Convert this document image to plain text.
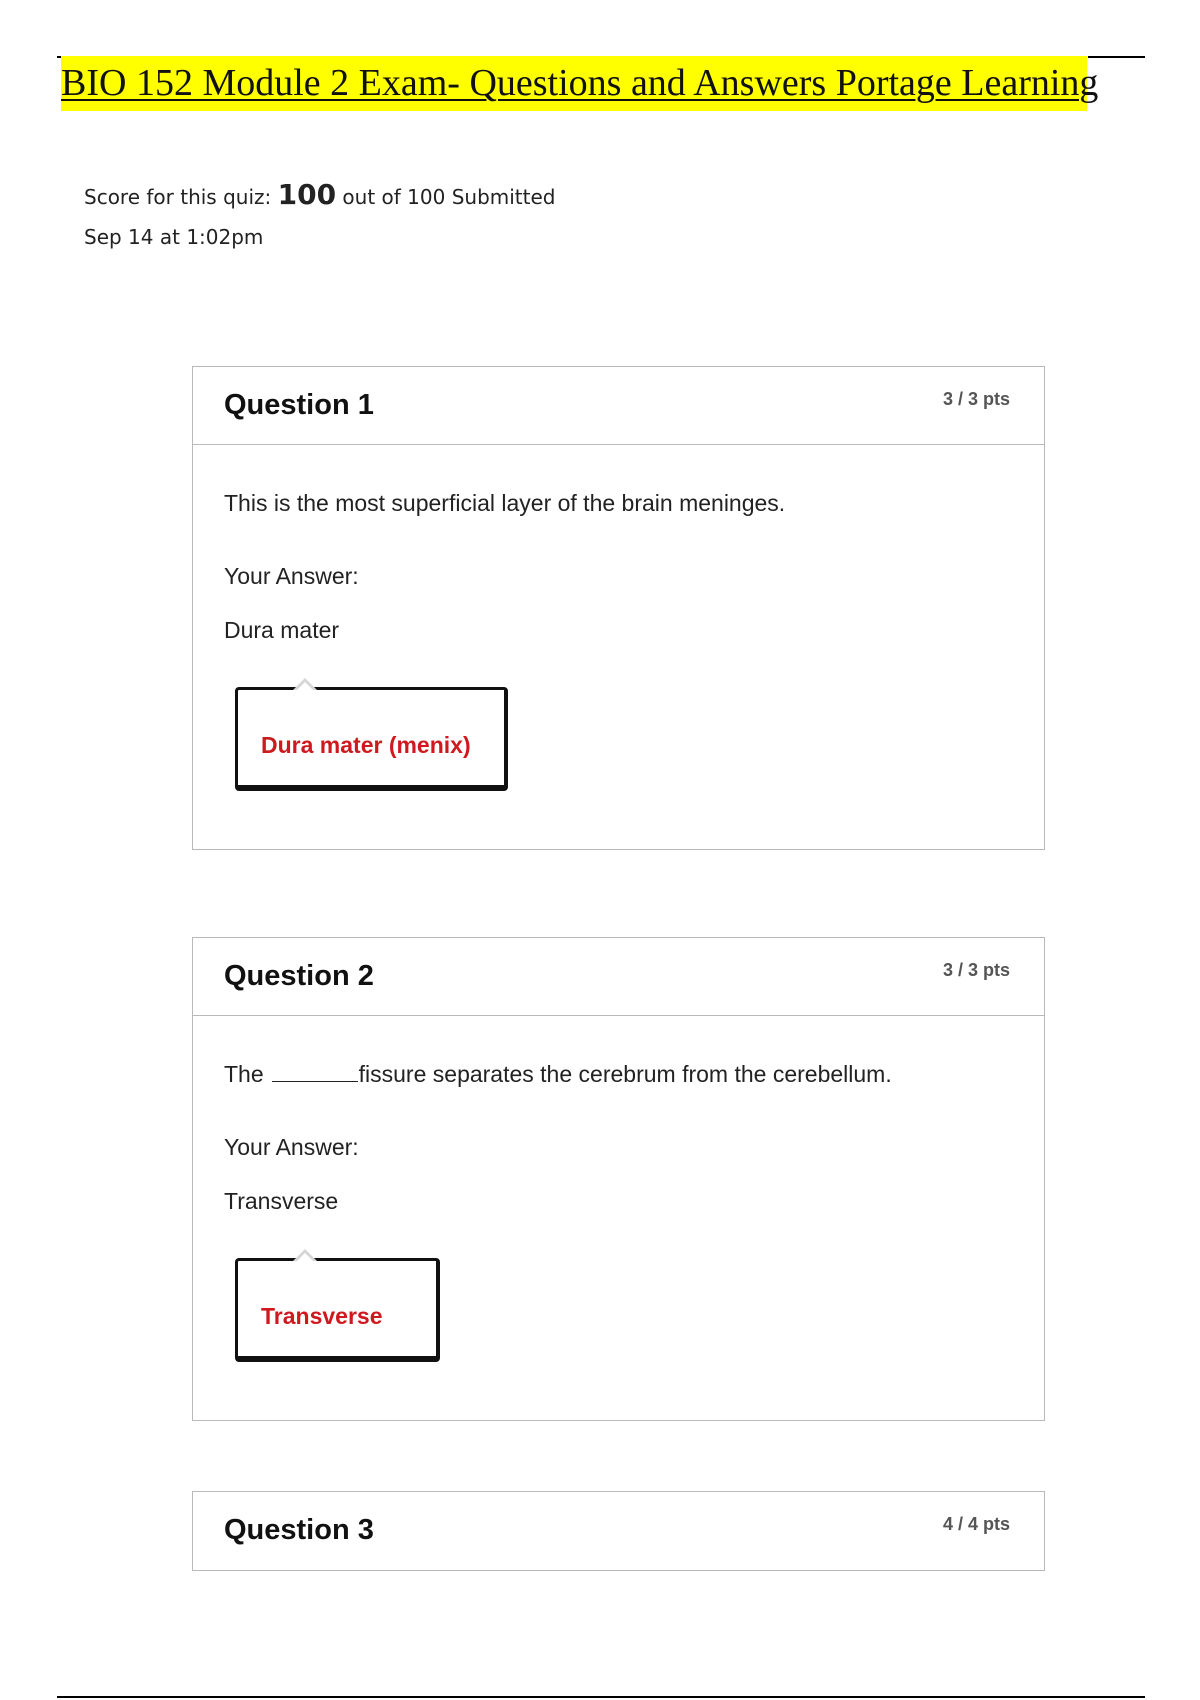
BIO 152 Module 2 Exam- Questions and Answers Portage Learning
Score for this quiz: 100 out of 100 Submitted
Sep 14 at 1:02pm
Question 1	3 / 3 pts
This is the most superficial layer of the brain meninges.
Your Answer:
Dura mater
Dura mater (menix)
Question 2	3 / 3 pts
The	fissure separates the cerebrum from the cerebellum.
Your Answer:
Transverse
Transverse
Question 3	4 / 4 pts
